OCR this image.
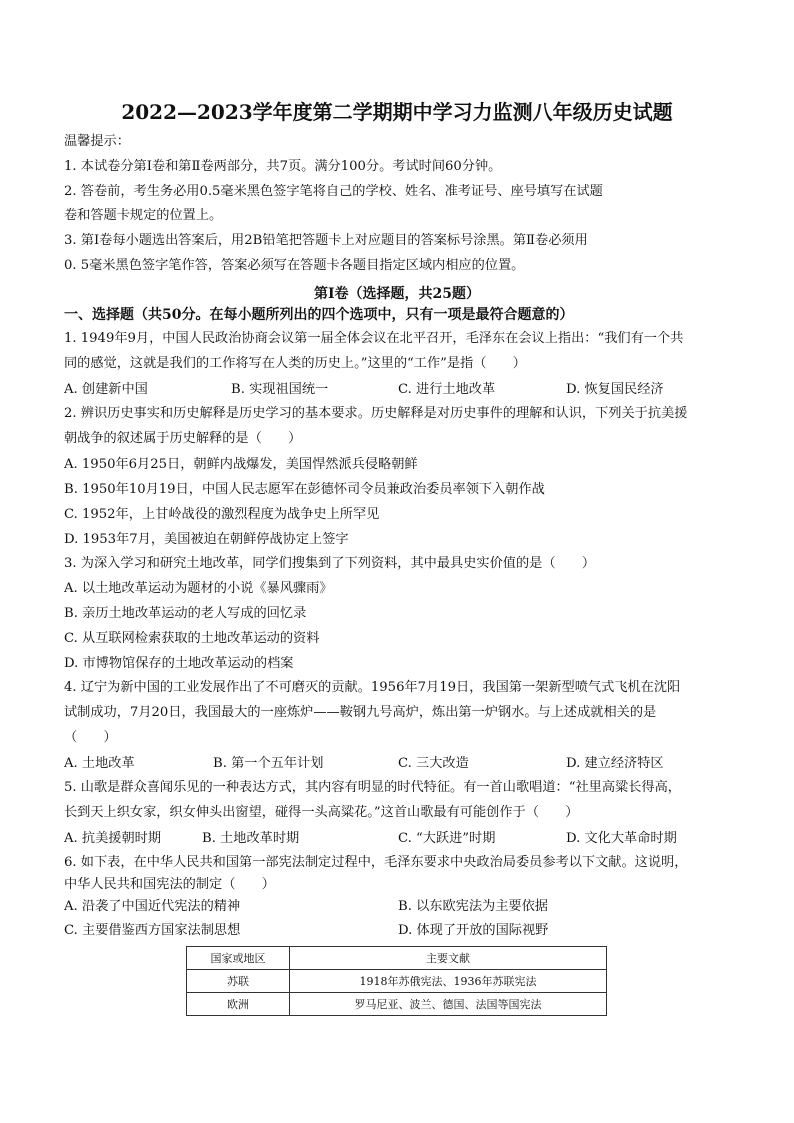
2022—2023学年度第二学期期中学习力监测八年级历史试题
温馨提示：
1. 本试卷分第Ⅰ卷和第Ⅱ卷两部分，共7页。满分100分。考试时间60分钟。
2. 答卷前，考生务必用0.5毫米黑色签字笔将自己的学校、姓名、准考证号、座号填写在试题
卷和答题卡规定的位置上。
3. 第Ⅰ卷每小题选出答案后，用2B铅笔把答题卡上对应题目的答案标号涂黑。第Ⅱ卷必须用
0. 5毫米黑色签字笔作答，答案必须写在答题卡各题目指定区域内相应的位置。
第Ⅰ卷（选择题，共25题）
一、选择题（共50分。在每小题所列出的四个选项中，只有一项是最符合题意的）
1. 1949年9月，中国人民政治协商会议第一届全体会议在北平召开，毛泽东在会议上指出：“我们有一个共
同的感觉，这就是我们的工作将写在人类的历史上。”这里的“工作”是指（　　）
A. 创建新中国	B. 实现祖国统一	C. 进行土地改革	D. 恢复国民经济
2. 辨识历史事实和历史解释是历史学习的基本要求。历史解释是对历史事件的理解和认识，下列关于抗美援
朝战争的叙述属于历史解释的是（　　）
A. 1950年6月25日，朝鲜内战爆发，美国悍然派兵侵略朝鲜
B. 1950年10月19日，中国人民志愿军在彭德怀司令员兼政治委员率领下入朝作战
C. 1952年，上甘岭战役的激烈程度为战争史上所罕见
D. 1953年7月，美国被迫在朝鲜停战协定上签字
3. 为深入学习和研究土地改革，同学们搜集到了下列资料，其中最具史实价值的是（　　）
A. 以土地改革运动为题材的小说《暴风骤雨》
B. 亲历土地改革运动的老人写成的回忆录
C. 从互联网检索获取的土地改革运动的资料
D. 市博物馆保存的土地改革运动的档案
4. 辽宁为新中国的工业发展作出了不可磨灭的贡献。1956年7月19日，我国第一架新型喷气式飞机在沈阳
试制成功，7月20日，我国最大的一座炼炉——鞍钢九号高炉，炼出第一炉钢水。与上述成就相关的是
（　　）
A. 土地改革	B. 第一个五年计划	C. 三大改造	D. 建立经济特区
5. 山歌是群众喜闻乐见的一种表达方式，其内容有明显的时代特征。有一首山歌唱道：“社里高粱长得高，
长到天上织女家，织女伸头出窗望，碰得一头高粱花。”这首山歌最有可能创作于（　　）
A. 抗美援朝时期	B. 土地改革时期	C. “大跃进”时期	D. 文化大革命时期
6. 如下表，在中华人民共和国第一部宪法制定过程中，毛泽东要求中央政治局委员参考以下文献。这说明，
中华人民共和国宪法的制定（　　）
A. 沿袭了中国近代宪法的精神	B. 以东欧宪法为主要依据
C. 主要借鉴西方国家法制思想	D. 体现了开放的国际视野
国家或地区	主要文献
苏联	1918年苏俄宪法、1936年苏联宪法
欧洲	罗马尼亚、波兰、德国、法国等国宪法
